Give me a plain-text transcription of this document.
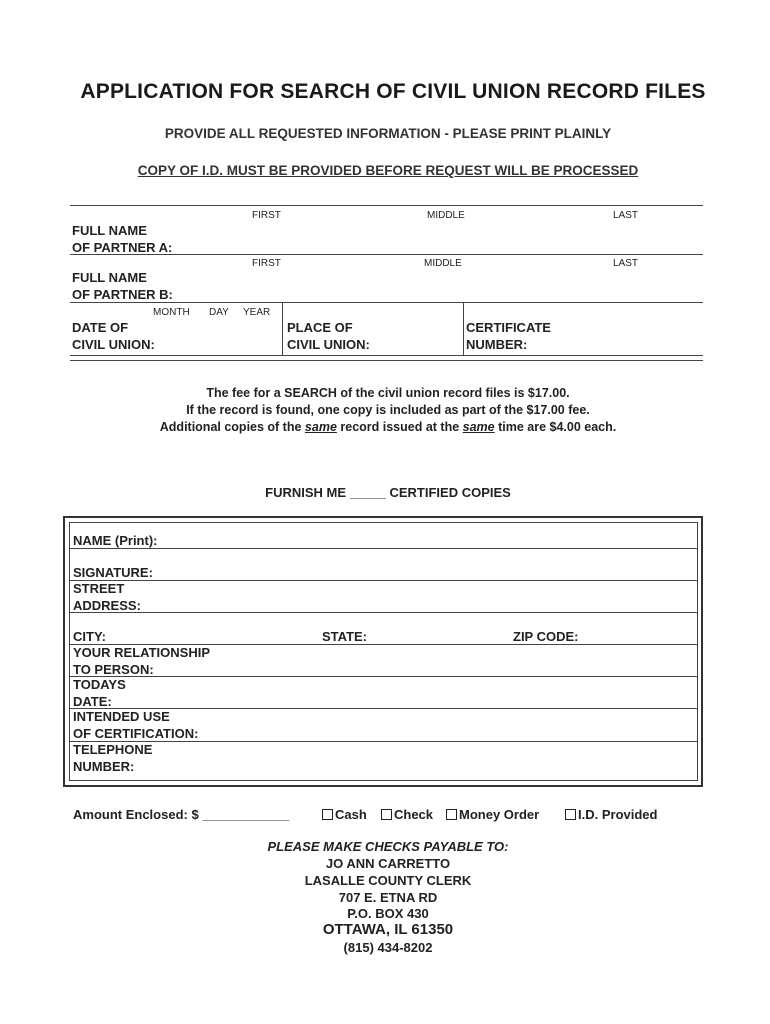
APPLICATION FOR SEARCH OF CIVIL UNION RECORD FILES
PROVIDE ALL REQUESTED INFORMATION - PLEASE PRINT PLAINLY
COPY OF I.D. MUST BE PROVIDED BEFORE REQUEST WILL BE PROCESSED
FIRST	MIDDLE	LAST
FULL NAME
OF PARTNER A:
FIRST	MIDDLE	LAST
FULL NAME
OF PARTNER B:
MONTH DAY YEAR
DATE OF
CIVIL UNION:
PLACE OF
CIVIL UNION:
CERTIFICATE
NUMBER:
The fee for a SEARCH of the civil union record files is $17.00.
If the record is found, one copy is included as part of the $17.00 fee.
Additional copies of the same record issued at the same time are $4.00 each.
FURNISH ME _____ CERTIFIED COPIES
NAME (Print):
SIGNATURE:
STREET
ADDRESS:
CITY:	STATE:	ZIP CODE:
YOUR RELATIONSHIP
TO PERSON:
TODAYS
DATE:
INTENDED USE
OF CERTIFICATION:
TELEPHONE
NUMBER:
Amount Enclosed: $ ____________	Cash	Check	Money Order	I.D. Provided
PLEASE MAKE CHECKS PAYABLE TO:
JO ANN CARRETTO
LASALLE COUNTY CLERK
707 E. ETNA RD
P.O. BOX 430
OTTAWA, IL 61350
(815) 434-8202
